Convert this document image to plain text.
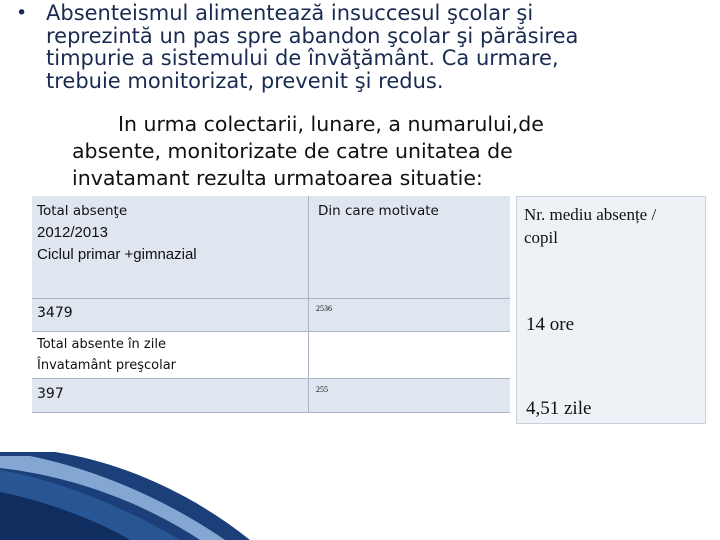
• Absenteismul alimentează insuccesul şcolar şi
reprezintă un pas spre abandon şcolar şi părăsirea
timpurie a sistemului de învăţământ. Ca urmare,
trebuie monitorizat, prevenit şi redus.
In urma colectarii, lunare, a numarului,de
absente, monitorizate de catre unitatea de
invatamant rezulta urmatoarea situatie:
Total absenţe
2012/2013
Ciclul primar +gimnazial
Din care motivate
3479	2536
Total absente în zile
Învatamânt preşcolar
397	255
Nr. mediu absențe /
copil
14 ore
4,51 zile
